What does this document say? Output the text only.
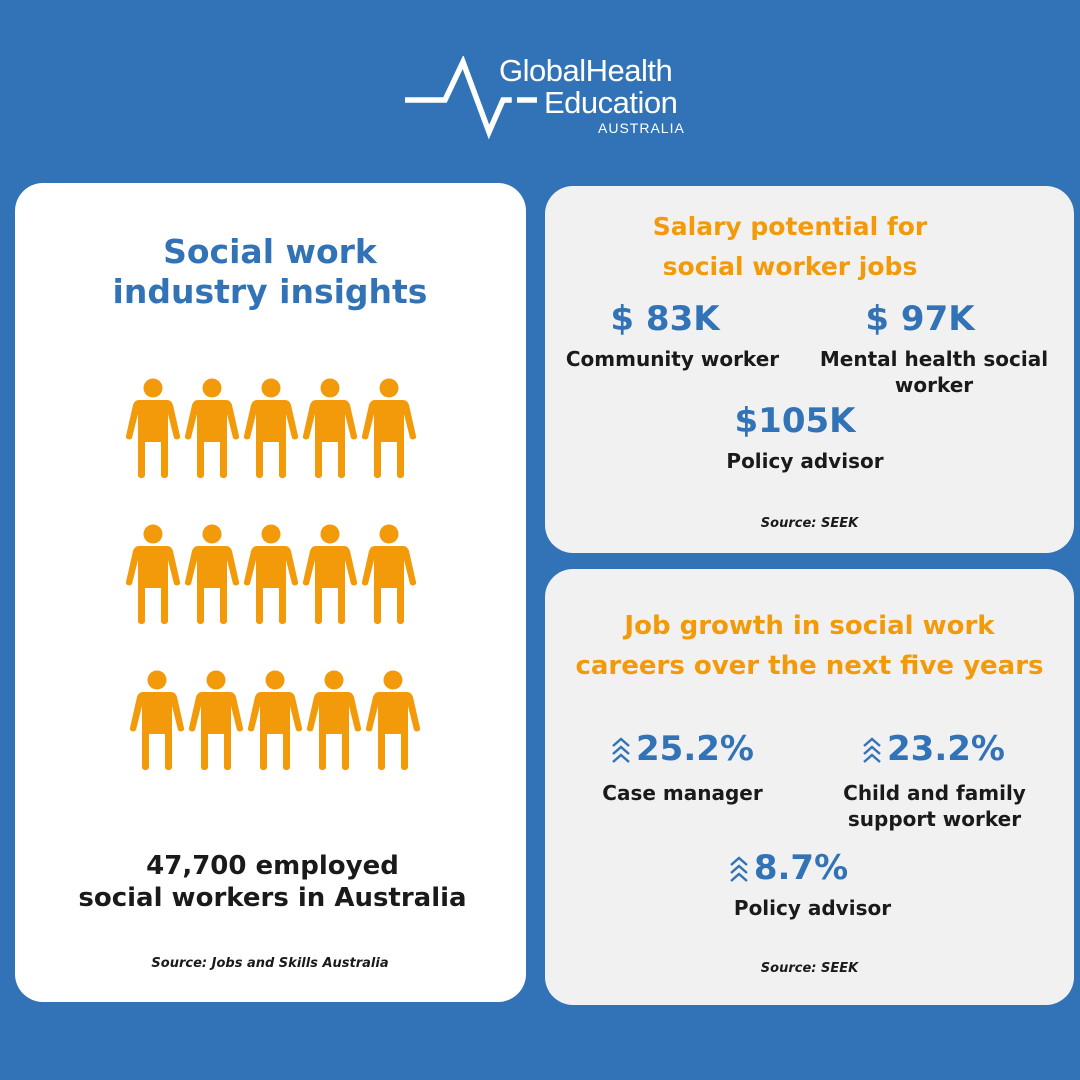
GlobalHealth
Education
AUSTRALIA
Social work
industry insights
47,700 employed
social workers in Australia
Source: Jobs and Skills Australia
Salary potential for
social worker jobs
$ 83K
Community worker
$ 97K
Mental health social
worker
$105K
Policy advisor
Source: SEEK
Job growth in social work
careers over the next five years
25.2%
Case manager
23.2%
Child and family
support worker
8.7%
Policy advisor
Source: SEEK
